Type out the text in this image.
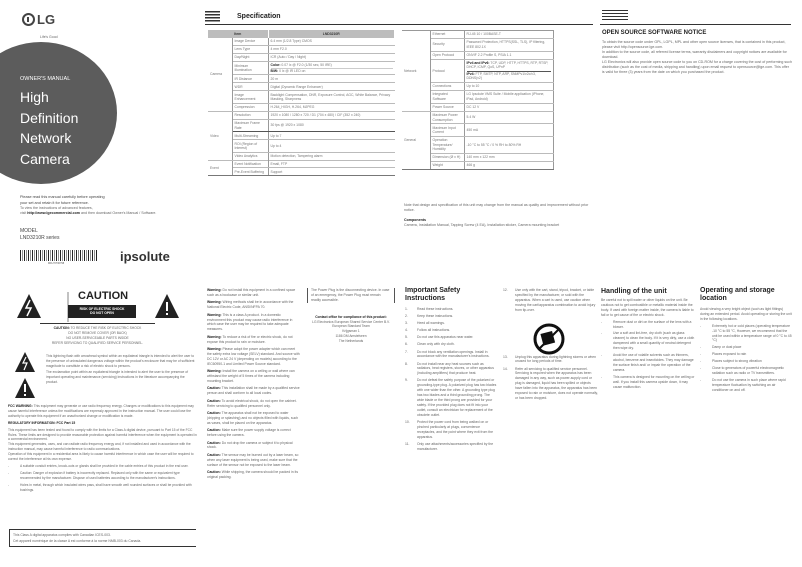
LG
Life's Good
OWNER'S MANUAL
High
Definition
Network
Camera
Please read this manual carefully before operating
your set and retain it for future reference.
To view the instructions of advanced features,
visit http://www.lgecommercial.com and then download Owner's Manual / Software.
MODEL
LND3210R series
MFL70736798	ipsolute
Specification
Item		LND3210R
Camera	Image Device	6.4 mm (1/2.8 Type) CMOS
	Lens Type	4 mm F2.0
	Day/Night	ICR (Auto / Day / Night)
	Minimum Illumination	Color: 0.07 lx @ F2.0 (1/30 sec, 50 IRE)
B/W: 0 lx @ IR LED on

	IR Distance	20 m
	WDR	Digital (Dynamic Range Enhancer)
	Image Enhancement	Backlight Compensation, DNR, Exposure Control, AGC, White Balance, Privacy Masking, Sharpness
	Compression	H.264_HIGH, H.264, MJPEG
Video	Resolution	1920 x 1080 / 1280 x 720 / D1 (704 x 480) / CIF (352 x 240)
	Maximum Frame Rate	30 fps @ 1920 x 1080
	Multi-Streaming	Up to 7
	ROI (Region of Interest)	Up to 4
	Video Analytics	Motion detection, Tampering alarm

Event	Event Notification	Email, FTP
	Pre-Event Buffering	Support
Network	Ethernet	RJ-45 10 / 100BASE-T
	Security	Password Protection, HTTPS(SSL, TLS), IP filtering, IEEE 802.1X
	Open Protocol	ONVIF 2.2 Profile S, PSIA 1.1
	Protocol	IPv4 and IPv6: TCP, UDP, HTTP, HTTPS, RTP, RTSP, DHCP, ICMP, QoS, UPnP
IPv4: FTP, SMTP, NTP, ARP, SNMPv1/v2c/v3, DDNS(v2)

	Connections	Up to 10
	Integrated Software	LG Ipsolute VMS Suite / Mobile application (iPhone, iPad, Android)
	Power Source	DC 12 V
General	Maximum Power Consumption	5.4 W
	Maximum Input Current	450 mA
	Operation Temperature/ Humidity	-10 °C to 55 °C / 0 % RH to 80% RH
	Dimension (Ø x H)	140 mm x 122 mm
	Weight	466 g
Note that design and specification of this unit may change from the manual as quality and improvement without prior notice.
Components
Camera, Installation Manual, Tapping Screw (4 EA), Installation sticker, Camera mounting bracket
OPEN SOURCE SOFTWARE NOTICE
To obtain the source code under GPL, LGPL, MPL and other open source licenses, that is contained in this product, please visit http://opensource.lge.com.
In addition to the source code, all referred license terms, warranty disclaimers and copyright notices are available for download.
LG Electronics will also provide open source code to you on CD-ROM for a charge covering the cost of performing such distribution (such as the cost of media, shipping and handling) upon email request to opensource@lge.com. This offer is valid for three (3) years from the date on which you purchased the product.
CAUTION
RISK OF ELECTRIC SHOCK
DO NOT OPEN
CAUTION: TO REDUCE THE RISK OF ELECTRIC SHOCK
DO NOT REMOVE COVER (OR BACK)
NO USER-SERVICEABLE PARTS INSIDE
REFER SERVICING TO QUALIFIED SERVICE PERSONNEL.

This lightning flash with arrowhead symbol within an equilateral triangle is intended to alert the user to the presence of uninsulated dangerous voltage within the product's enclosure that may be of sufficient magnitude to constitute a risk of electric shock to persons.

The exclamation point within an equilateral triangle is intended to alert the user to the presence of important operating and maintenance (servicing) instructions in the literature accompanying the product.

FCC WARNING: This equipment may generate or use radio frequency energy. Changes or modifications to this equipment may cause harmful interference unless the modifications are expressly approved in the instruction manual. The user could lose the authority to operate this equipment if an unauthorized change or modification is made.

REGULATORY INFORMATION: FCC Part 15

This equipment has been tested and found to comply with the limits for a Class A digital device, pursuant to Part 15 of the FCC Rules. These limits are designed to provide reasonable protection against harmful interference when the equipment is operated in a commercial environment.

This equipment generates, uses, and can radiate radio frequency energy and, if not installed and used in accordance with the instruction manual, may cause harmful interference to radio communications.

Operation of this equipment in a residential area is likely to cause harmful interference in which case the user will be required to correct the interference at his own expense.

- A suitable conduit entries, knock-outs or glands shall be provided in the cable entries of this product in the end user.
- Caution: Danger of explosion if battery is incorrectly replaced. Replaced only with the same or equivalent type recommended by the manufacturer. Dispose of used batteries according to the manufacturer's instructions.
- Holes in metal, through which insulated wires pass, shall have smooth well rounded surfaces or shall be provided with bushings.
This Class A digital apparatus complies with Canadian ICES-003.
Cet appareil numérique de la classe A est conforme à la norme NMB-003 du Canada.

Warning: Do not install this equipment in a confined space such as a bookcase or similar unit.

Warning: Wiring methods shall be in accordance with the National Electric Code, ANSI/NFPA 70.

Warning: This is a class A product. In a domestic environment this product may cause radio interference in which case the user may be required to take adequate measures.

Warning: To reduce a risk of fire or electric shock, do not expose this product to rain or moisture.

Warning: Please adopt the power adapter which can meet the safety extra low voltage (SELV) standard. And source with DC 12V or AC 24 V (depending on models) according to the IEC60950-1 and Limited Power Source standard.

Warning: Install the camera on a ceiling or wall where can withstand the weight of 5 times of the camera including mounting bracket.

Caution: This installation shall be made by a qualified service person and shall conform to all local codes.

Caution: To avoid electrical shock, do not open the cabinet. Refer servicing to qualified personnel only.

Caution: The apparatus shall not be exposed to water (dripping or splashing) and no objects filled with liquids, such as vases, shall be placed on the apparatus.

Caution: Make sure the power supply voltage is correct before using the camera.

Caution: Do not drop the camera or subject it to physical shock.

Caution: The sensor may be burned out by a laser beam, so when any laser equipment is being used, make sure that the surface of the sensor not be exposed to the laser beam.

Caution: While shipping, the camera should be packed in its original packing.

The Power Plug is the disconnecting device. In case of an emergency, the Power Plug must remain readily accessible.
Contact office for compliance of this product:
LG Electronics European Shared Service Center B.V.
European Standard Team
Krijgsman 1
1186 DM Amstelveen
The Netherlands
Important Safety Instructions
1.	Read these instructions.
2.	Keep these instructions.
3.	Heed all warnings.
4.	Follow all instructions.
5.	Do not use this apparatus near water.
6.	Clean only with dry cloth.
7.	Do not block any ventilation openings. Install in accordance with the manufacturer's instructions.
8.	Do not install near any heat sources such as radiators, heat registers, stoves, or other apparatus (including amplifiers) that produce heat.
9.	Do not defeat the safety purpose of the polarized or grounding-type plug. A polarized plug has two blades with one wider than the other. A grounding type plug has two blades and a third grounding prong. The wide blade or the third prong are provided for your safety. If the provided plug does not fit into your outlet, consult an electrician for replacement of the obsolete outlet.
10.	Protect the power cord from being walked on or pinched particularly at plugs, convenience receptacles, and the point where they exit from the apparatus.
11.	Only use attachments/accessories specified by the manufacturer.
12.	Use only with the cart, stand, tripod, bracket, or table specified by the manufacturer, or sold with the apparatus. When a cart is used, use caution when moving the cart/apparatus combination to avoid injury from tip-over.
13.	Unplug this apparatus during lightning storms or when unused for long periods of time.
14.	Refer all servicing to qualified service personnel. Servicing is required when the apparatus has been damaged in any way, such as power-supply cord or plug is damaged, liquid has been spilled or objects have fallen into the apparatus, the apparatus has been exposed to rain or moisture, does not operate normally, or has been dropped.
Handling of the unit

Be careful not to spill water or other liquids on the unit. Be cautious not to get combustible or metallic material inside the body. If used with foreign matter inside, the camera is liable to fail or to get cause of fire or electric shock.

- Remove dust or dirt on the surface of the lens with a blower.
- Use a soft and lint-free, dry cloth (such as glass cleaner) to clean the body. If it is very dirty, use a cloth dampened with a small quantity of neutral detergent then wipe dry.
- Avoid the use of volatile solvents such as thinners, alcohol, benzene and insecticides. They may damage the surface finish and/ or impair the operation of the camera.
- This camera is designed for mounting on the ceiling or wall. If you install this camera upside down, it may cause malfunction.
Operating and storage location

Avoid viewing a very bright object (such as light fittings) during an extended period. Avoid operating or storing the unit in the following locations.

- Extremely hot or cold places (operating temperature -10 °C to 55 °C, However, we recommend that the unit be used within a temperature range of 0 °C to 45 °C)
- Damp or dust place
- Places exposed to rain
- Places subject to strong vibration
- Close to generators of powerful electromagnetic radiation such as radio or TV transmitters.
- Do not use the camera in such place where rapid temperature fluctuation by switching an air conditioner on and off.
